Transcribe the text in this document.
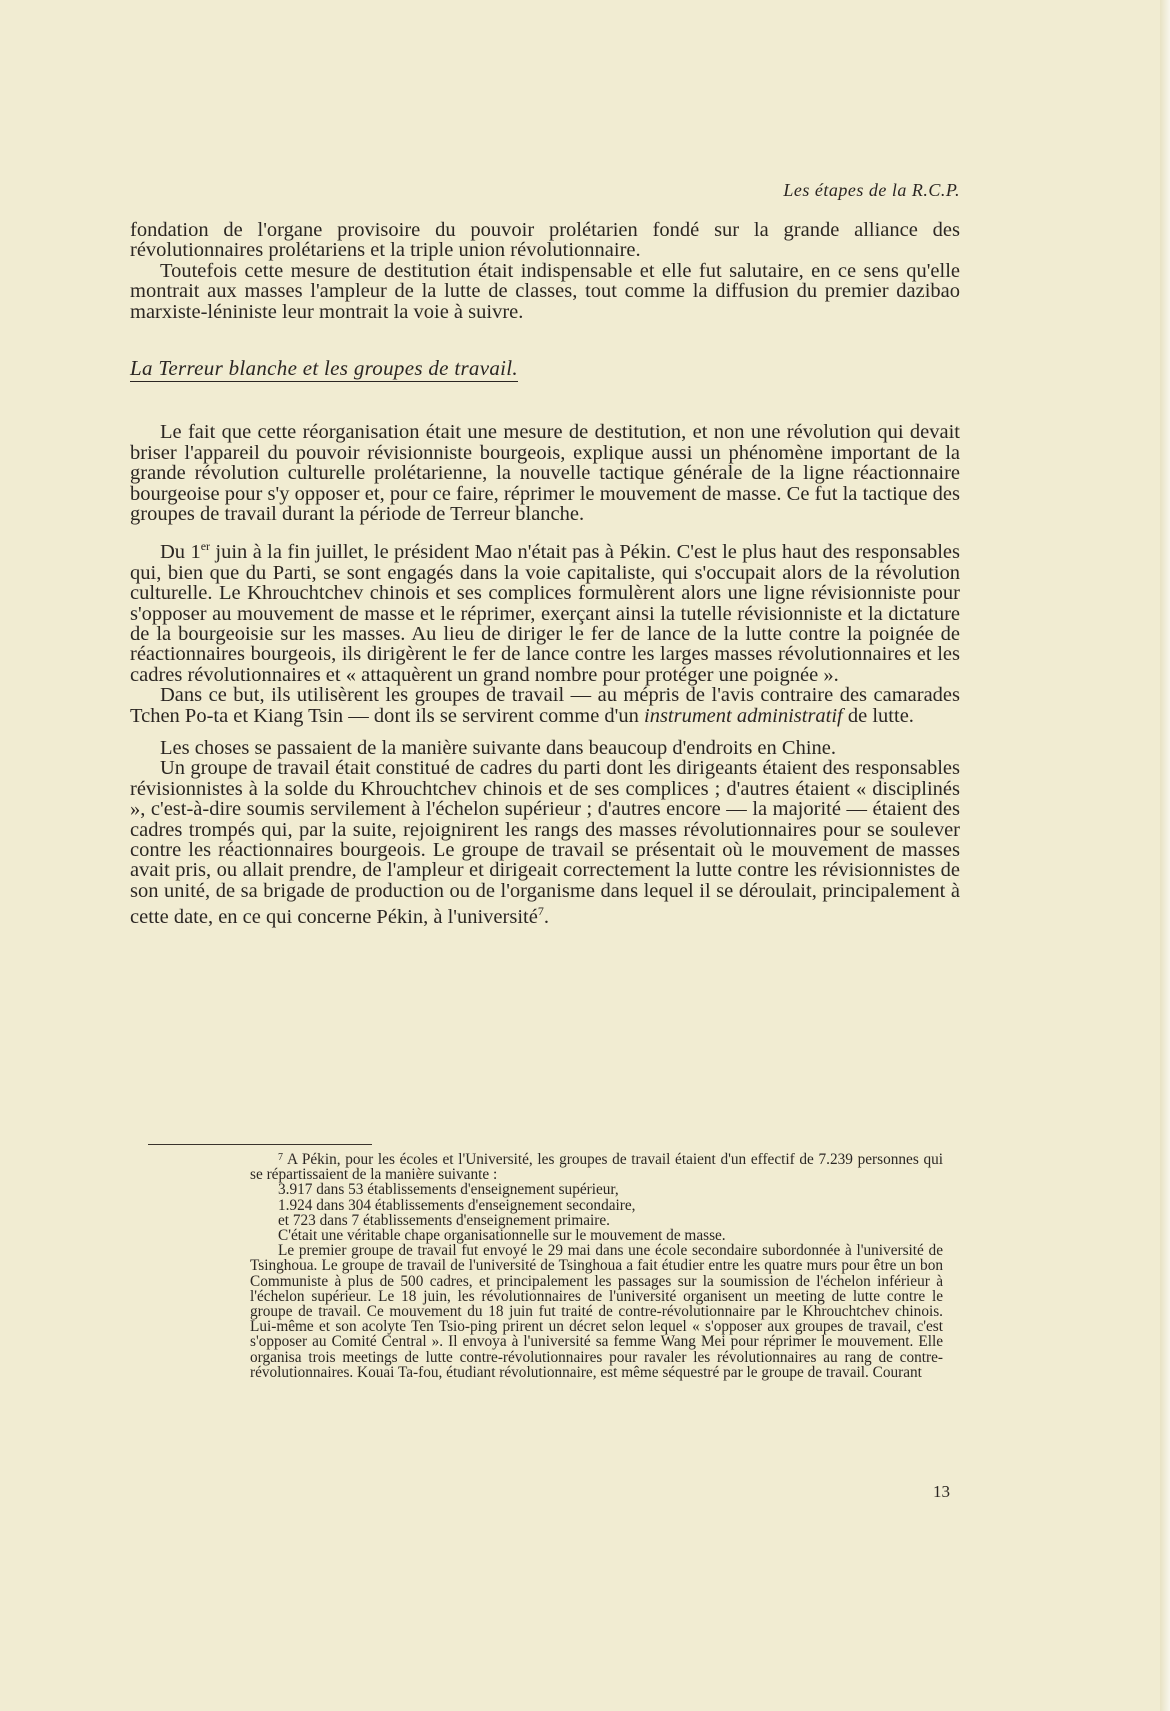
Les étapes de la R.C.P.

fondation de l'organe provisoire du pouvoir prolétarien fondé sur la grande alliance des révolutionnaires prolétariens et la triple union révolutionnaire.

Toutefois cette mesure de destitution était indispensable et elle fut salutaire, en ce sens qu'elle montrait aux masses l'ampleur de la lutte de classes, tout comme la diffusion du premier dazibao marxiste-léniniste leur montrait la voie à suivre.

La Terreur blanche et les groupes de travail.

Le fait que cette réorganisation était une mesure de destitution, et non une révolution qui devait briser l'appareil du pouvoir révisionniste bourgeois, explique aussi un phénomène important de la grande révolution culturelle prolétarienne, la nouvelle tactique générale de la ligne réactionnaire bourgeoise pour s'y opposer et, pour ce faire, réprimer le mouvement de masse. Ce fut la tactique des groupes de travail durant la période de Terreur blanche.

Du 1er juin à la fin juillet, le président Mao n'était pas à Pékin. C'est le plus haut des responsables qui, bien que du Parti, se sont engagés dans la voie capitaliste, qui s'occupait alors de la révolution culturelle. Le Khrouchtchev chinois et ses complices formulèrent alors une ligne révisionniste pour s'opposer au mouvement de masse et le réprimer, exerçant ainsi la tutelle révisionniste et la dictature de la bourgeoisie sur les masses. Au lieu de diriger le fer de lance de la lutte contre la poignée de réactionnaires bourgeois, ils dirigèrent le fer de lance contre les larges masses révolutionnaires et les cadres révolutionnaires et « attaquèrent un grand nombre pour protéger une poignée ».

Dans ce but, ils utilisèrent les groupes de travail — au mépris de l'avis contraire des camarades Tchen Po-ta et Kiang Tsin — dont ils se servirent comme d'un instrument administratif de lutte.

Les choses se passaient de la manière suivante dans beaucoup d'endroits en Chine.

Un groupe de travail était constitué de cadres du parti dont les dirigeants étaient des responsables révisionnistes à la solde du Khrouchtchev chinois et de ses complices ; d'autres étaient « disciplinés », c'est-à-dire soumis servilement à l'échelon supérieur ; d'autres encore — la majorité — étaient des cadres trompés qui, par la suite, rejoignirent les rangs des masses révolutionnaires pour se soulever contre les réactionnaires bourgeois. Le groupe de travail se présentait où le mouvement de masses avait pris, ou allait prendre, de l'ampleur et dirigeait correctement la lutte contre les révisionnistes de son unité, de sa brigade de production ou de l'organisme dans lequel il se déroulait, principalement à cette date, en ce qui concerne Pékin, à l'université$^7$.

$^7$ A Pékin, pour les écoles et l'Université, les groupes de travail étaient d'un effectif de 7.239 personnes qui se répartissaient de la manière suivante :

3.917 dans 53 établissements d'enseignement supérieur,

1.924 dans 304 établissements d'enseignement secondaire,

et 723 dans 7 établissements d'enseignement primaire.

C'était une véritable chape organisationnelle sur le mouvement de masse.

Le premier groupe de travail fut envoyé le 29 mai dans une école secondaire subordonnée à l'université de Tsinghoua. Le groupe de travail de l'université de Tsinghoua a fait étudier entre les quatre murs pour être un bon Communiste à plus de 500 cadres, et principalement les passages sur la soumission de l'échelon inférieur à l'échelon supérieur. Le 18 juin, les révolutionnaires de l'université organisent un meeting de lutte contre le groupe de travail. Ce mouvement du 18 juin fut traité de contre-révolutionnaire par le Khrouchtchev chinois. Lui-même et son acolyte Ten Tsio-ping prirent un décret selon lequel « s'opposer aux groupes de travail, c'est s'opposer au Comité Central ». Il envoya à l'université sa femme Wang Mei pour réprimer le mouvement. Elle organisa trois meetings de lutte contre-révolutionnaires pour ravaler les révolutionnaires au rang de contre-révolutionnaires. Kouai Ta-fou, étudiant révolutionnaire, est même séquestré par le groupe de travail. Courant

13
